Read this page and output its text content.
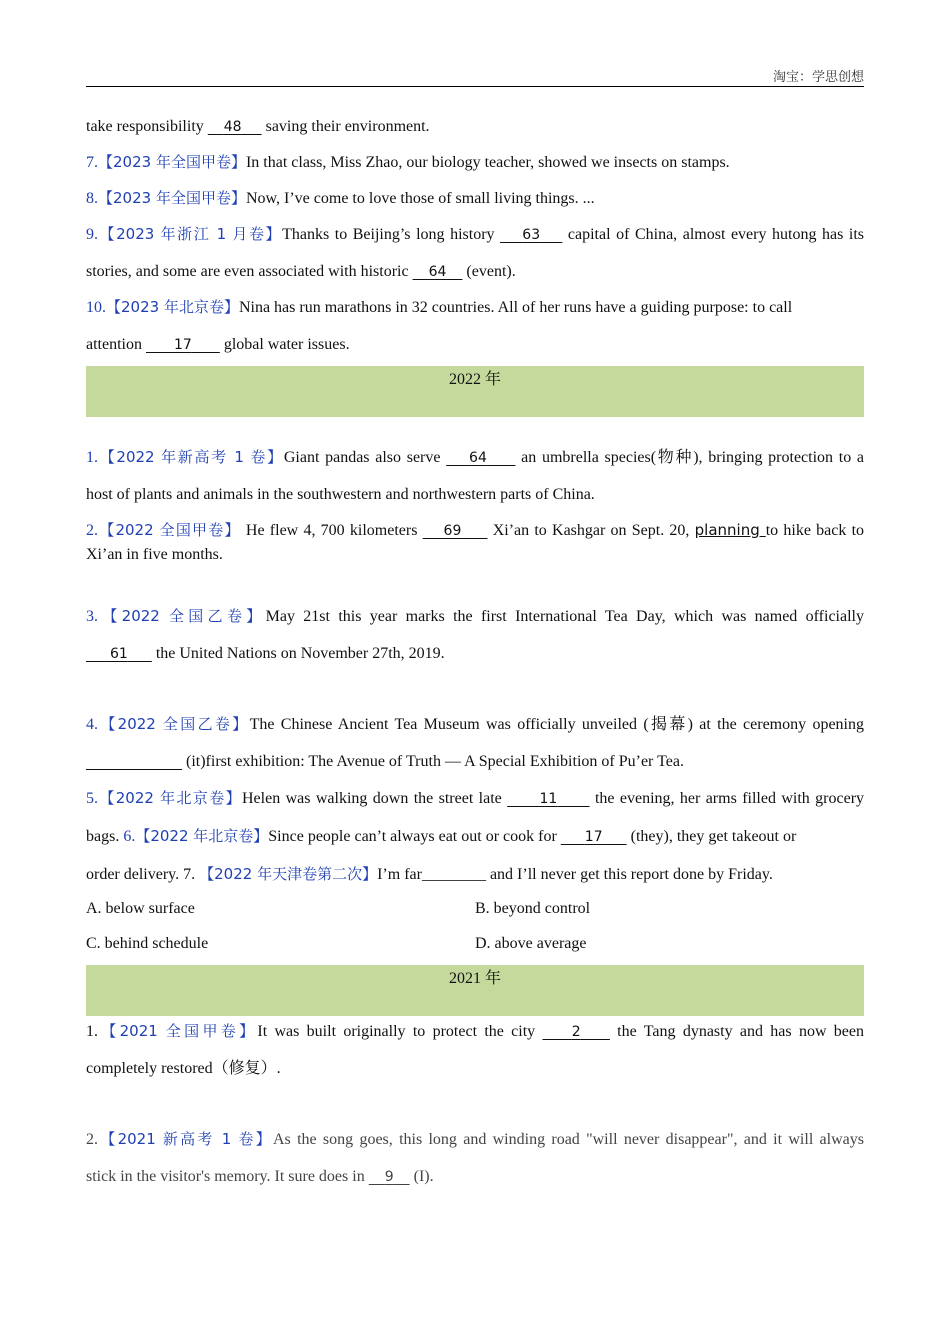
淘宝：学思创想
take responsibility     48      saving their environment.
7.【2023 年全国甲卷】In that class, Miss Zhao, our biology teacher, showed we insects on stamps.
8.【2023 年全国甲卷】Now, I’ve come to love those of small living things. ...
9.【2023 年浙江 1 月卷】Thanks to Beijing’s long history     63     capital of China, almost every hutong has its
stories, and some are even associated with historic     64     (event).
10.【2023 年北京卷】Nina has run marathons in 32 countries. All of her runs have a guiding purpose: to call
attention        17        global water issues.
2022 年
1.【2022 年新高考 1 卷】Giant pandas also serve     64      an umbrella species(物种), bringing protection to a
host of plants and animals in the southwestern and northwestern parts of China.
2.【2022 全国甲卷】 He flew 4, 700 kilometers     69      Xi’an to Kashgar on Sept. 20, planning to hike back to
Xi’an in five months.
3.【2022 全国乙卷】May 21st this year marks the first International Tea Day, which was named officially
61       the United Nations on November 27th, 2019.
4.【2022 全国乙卷】The Chinese Ancient Tea Museum was officially unveiled (揭幕) at the ceremony opening
(it)first exhibition: The Avenue of Truth — A Special Exhibition of Pu’er Tea.
5.【2022 年北京卷】Helen was walking down the street late       11       the evening, her arms filled with grocery
bags. 6.【2022 年北京卷】Since people can’t always eat out or cook for       17       (they), they get takeout or
order delivery. 7. 【2022 年天津卷第二次】I’m far________ and I’ll never get this report done by Friday.
A. below surface	B. beyond control
C. behind schedule	D. above average
2021 年
1.【2021 全国甲卷】It was built originally to protect the city     2     the Tang dynasty and has now been
completely restored（修复）.
2.【2021 新高考 1 卷】As the song goes, this long and winding road "will never disappear", and it will always
stick in the visitor's memory. It sure does in     9     (I).
